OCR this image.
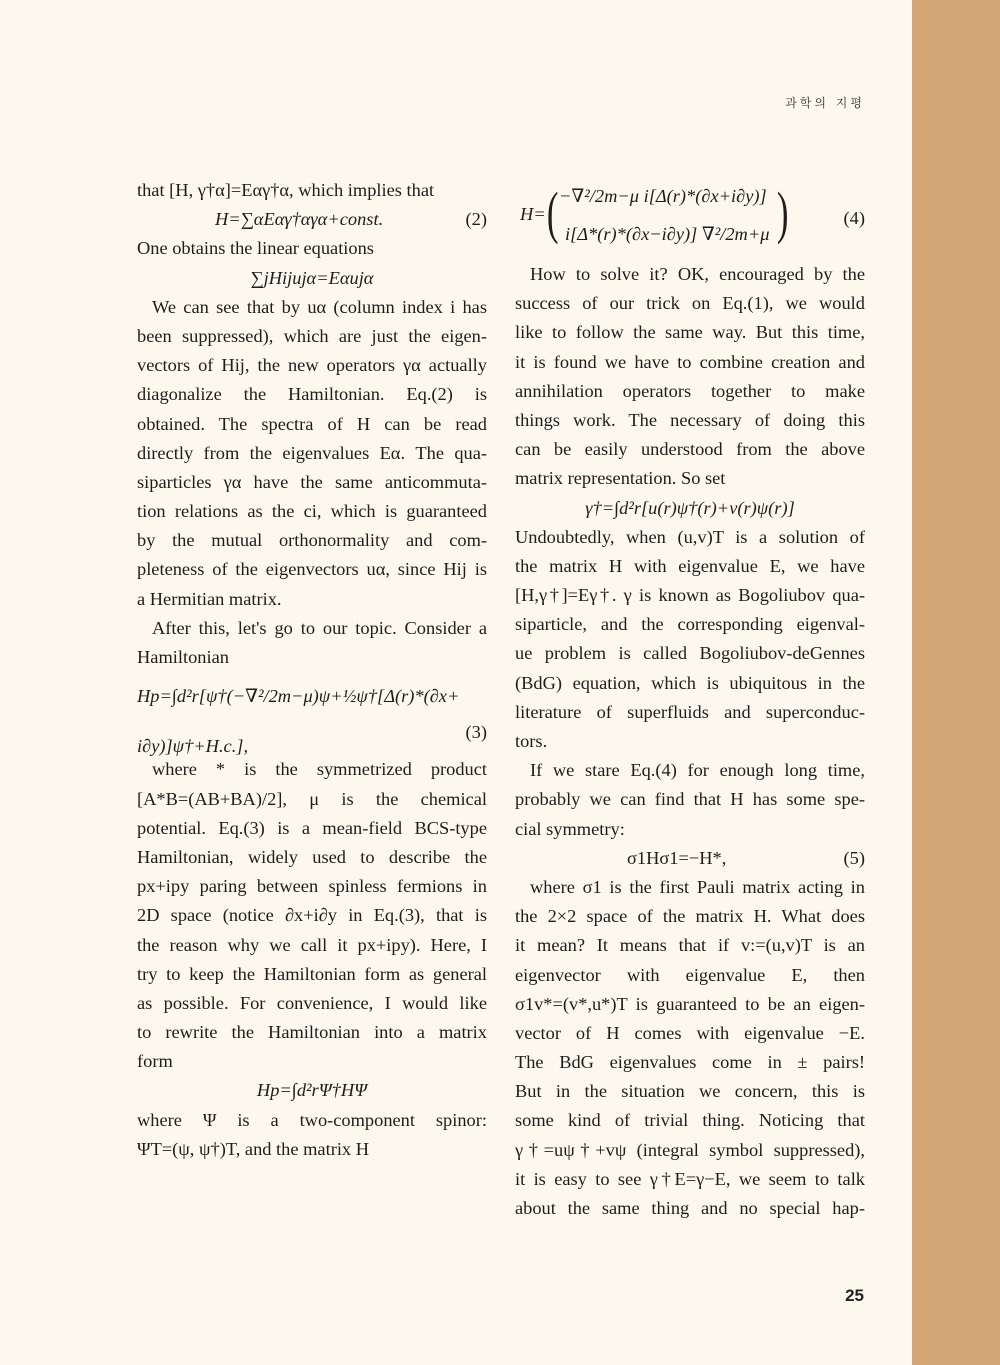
과학의 지평
that [H, γ†α]=Eαγ†α, which implies that
H=∑αEαγ†αγα+const.	(2)
One obtains the linear equations
∑jHijujα=Eαujα
We can see that by uα (column index i has
been suppressed), which are just the eigen-
vectors of Hij, the new operators γα actually
diagonalize the Hamiltonian. Eq.(2) is
obtained. The spectra of H can be read
directly from the eigenvalues Eα. The qua-
siparticles γα have the same anticommuta-
tion relations as the ci, which is guaranteed
by the mutual orthonormality and com-
pleteness of the eigenvectors uα, since Hij is
a Hermitian matrix.
After this, let's go to our topic. Consider a
Hamiltonian
Hp=∫d²r[ψ†(−∇²/2m−μ)ψ+½ψ†[Δ(r)*(∂x+
i∂y)]ψ†+H.c.],
(3)
where * is the symmetrized product
[A*B=(AB+BA)/2], μ is the chemical
potential. Eq.(3) is a mean-field BCS-type
Hamiltonian, widely used to describe the
px+ipy paring between spinless fermions in
2D space (notice ∂x+i∂y in Eq.(3), that is
the reason why we call it px+ipy). Here, I
try to keep the Hamiltonian form as general
as possible. For convenience, I would like
to rewrite the Hamiltonian into a matrix
form
Hp=∫d²rΨ†HΨ
where Ψ is a two-component spinor:
ΨT=(ψ, ψ†)T, and the matrix H
H= ( −∇²/2m−μ i[Δ(r)*(∂x+i∂y)]
i[Δ*(r)*(∂x−i∂y)] ∇²/2m+μ )	(4)
How to solve it? OK, encouraged by the
success of our trick on Eq.(1), we would
like to follow the same way. But this time,
it is found we have to combine creation and
annihilation operators together to make
things work. The necessary of doing this
can be easily understood from the above
matrix representation. So set
γ†=∫d²r[u(r)ψ†(r)+v(r)ψ(r)]
Undoubtedly, when (u,v)T is a solution of
the matrix H with eigenvalue E, we have
[H,γ†]=Eγ†. γ is known as Bogoliubov qua-
siparticle, and the corresponding eigenval-
ue problem is called Bogoliubov-deGennes
(BdG) equation, which is ubiquitous in the
literature of superfluids and superconduc-
tors.
If we stare Eq.(4) for enough long time,
probably we can find that H has some spe-
cial symmetry:
σ1Hσ1=−H*,	(5)
where σ1 is the first Pauli matrix acting in
the 2×2 space of the matrix H. What does
it mean? It means that if v:=(u,v)T is an
eigenvector with eigenvalue E, then
σ1v*=(v*,u*)T is guaranteed to be an eigen-
vector of H comes with eigenvalue −E.
The BdG eigenvalues come in ± pairs!
But in the situation we concern, this is
some kind of trivial thing. Noticing that
γ†=uψ†+vψ (integral symbol suppressed),
it is easy to see γ†E=γ−E, we seem to talk
about the same thing and no special hap-
25
